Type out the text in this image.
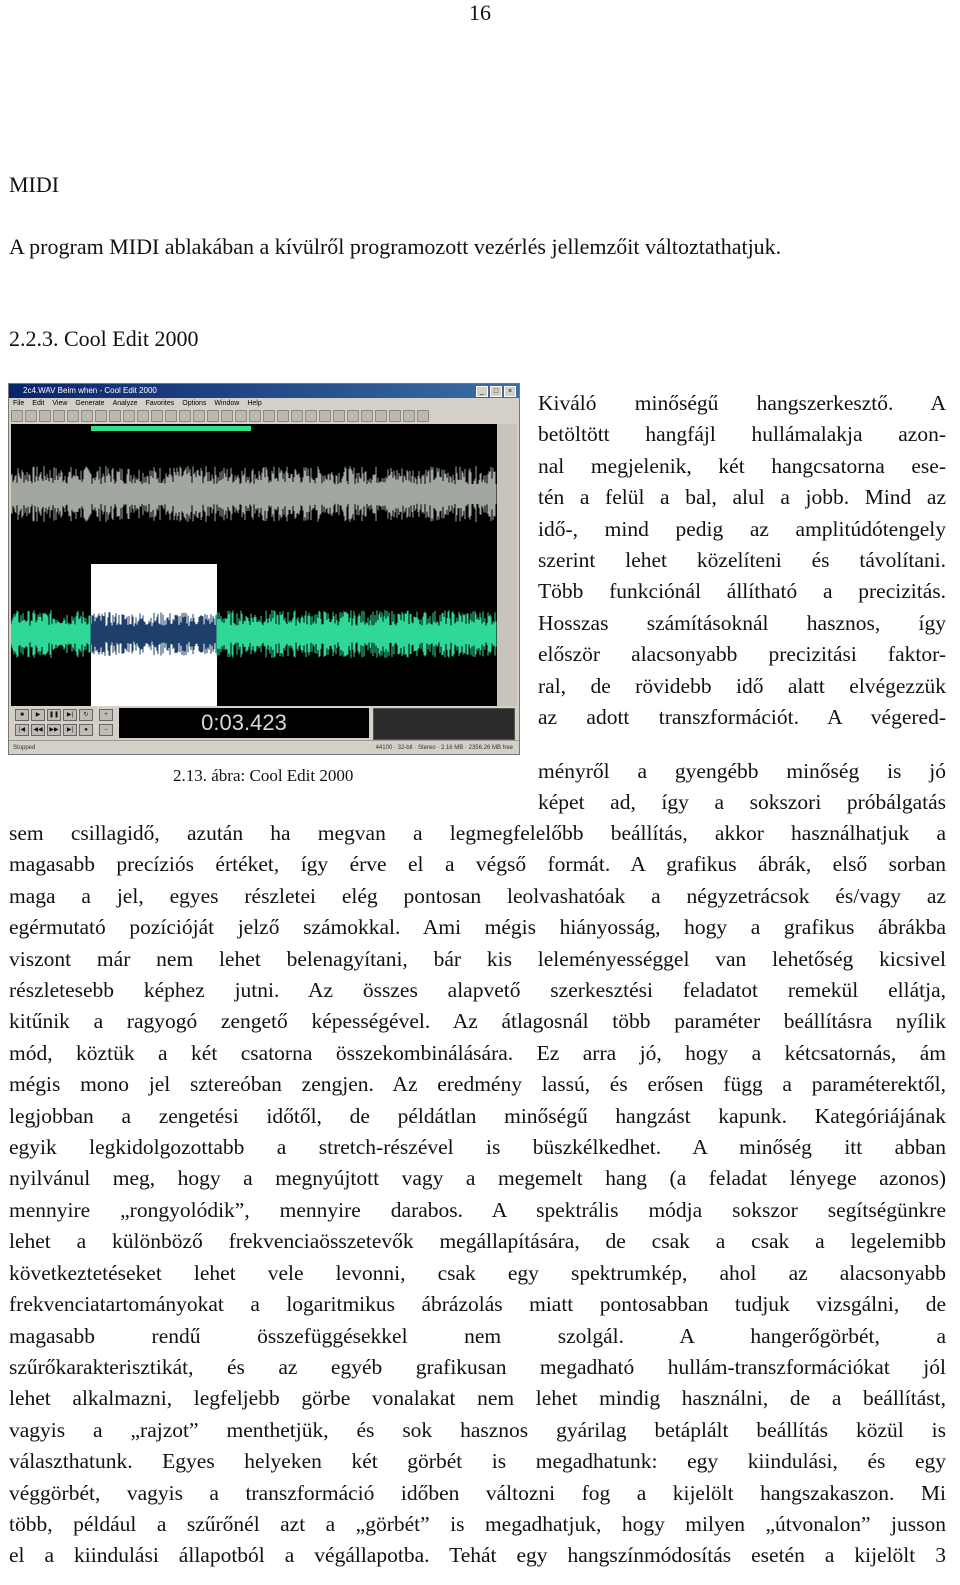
16
MIDI
A program MIDI ablakában a kívülről programozott vezérlés jellemzőit változtathatjuk.
2.2.3. Cool Edit 2000
2c4.WAV Beim when - Cool Edit 2000	_	□	×
File Edit View Generate Analyze Favorites Options Window Help
■	▶	❚❚	▶|	↻
|◀	◀◀	▶▶	▶|	●
+
−	0:03.423
Stopped	44100 · 32-bit · Stereo · 2.16 MB · 2356.26 MB free
2.13. ábra: Cool Edit 2000
Kiváló minőségű hangszerkesztő. A
betöltött hangfájl hullámalakja azon-
nal megjelenik, két hangcsatorna ese-
tén a felül a bal, alul a jobb. Mind az
idő-, mind pedig az amplitúdótengely
szerint lehet közelíteni és távolítani.
Több funkciónál állítható a precizitás.
Hosszas számításoknál hasznos, így
először alacsonyabb precizitási faktor-
ral, de rövidebb idő alatt elvégezzük
az adott transzformációt. A végered-
ményről a gyengébb minőség is jó
képet ad, így a sokszori próbálgatás
sem csillagidő, azután ha megvan a legmegfelelőbb beállítás, akkor használhatjuk a
magasabb precíziós értéket, így érve el a végső formát. A grafikus ábrák, első sorban
maga a jel, egyes részletei elég pontosan leolvashatóak a négyzetrácsok és/vagy az
egérmutató pozícióját jelző számokkal. Ami mégis hiányosság, hogy a grafikus ábrákba
viszont már nem lehet belenagyítani, bár kis leleményességgel van lehetőség kicsivel
részletesebb képhez jutni. Az összes alapvető szerkesztési feladatot remekül ellátja,
kitűnik a ragyogó zengető képességével. Az átlagosnál több paraméter beállításra nyílik
mód, köztük a két csatorna összekombinálására. Ez arra jó, hogy a kétcsatornás, ám
mégis mono jel sztereóban zengjen. Az eredmény lassú, és erősen függ a paraméterektől,
legjobban a zengetési időtől, de példátlan minőségű hangzást kapunk. Kategóriájának
egyik legkidolgozottabb a stretch-részével is büszkélkedhet. A minőség itt abban
nyilvánul meg, hogy a megnyújtott vagy a megemelt hang (a feladat lényege azonos)
mennyire „rongyolódik”, mennyire darabos. A spektrális módja sokszor segítségünkre
lehet a különböző frekvenciaösszetevők megállapítására, de csak a csak a legelemibb
következtetéseket lehet vele levonni, csak egy spektrumkép, ahol az alacsonyabb
frekvenciatartományokat a logaritmikus ábrázolás miatt pontosabban tudjuk vizsgálni, de
magasabb rendű összefüggésekkel nem szolgál. A hangerőgörbét, a
szűrőkarakterisztikát, és az egyéb grafikusan megadható hullám-transzformációkat jól
lehet alkalmazni, legfeljebb görbe vonalakat nem lehet mindig használni, de a beállítást,
vagyis a „rajzot” menthetjük, és sok hasznos gyárilag betáplált beállítás közül is
választhatunk. Egyes helyeken két görbét is megadhatunk: egy kiindulási, és egy
véggörbét, vagyis a transzformáció időben változni fog a kijelölt hangszakaszon. Mi
több, például a szűrőnél azt a „görbét” is megadhatjuk, hogy milyen „útvonalon” jusson
el a kiindulási állapotból a végállapotba. Tehát egy hangszínmódosítás esetén a kijelölt 3
